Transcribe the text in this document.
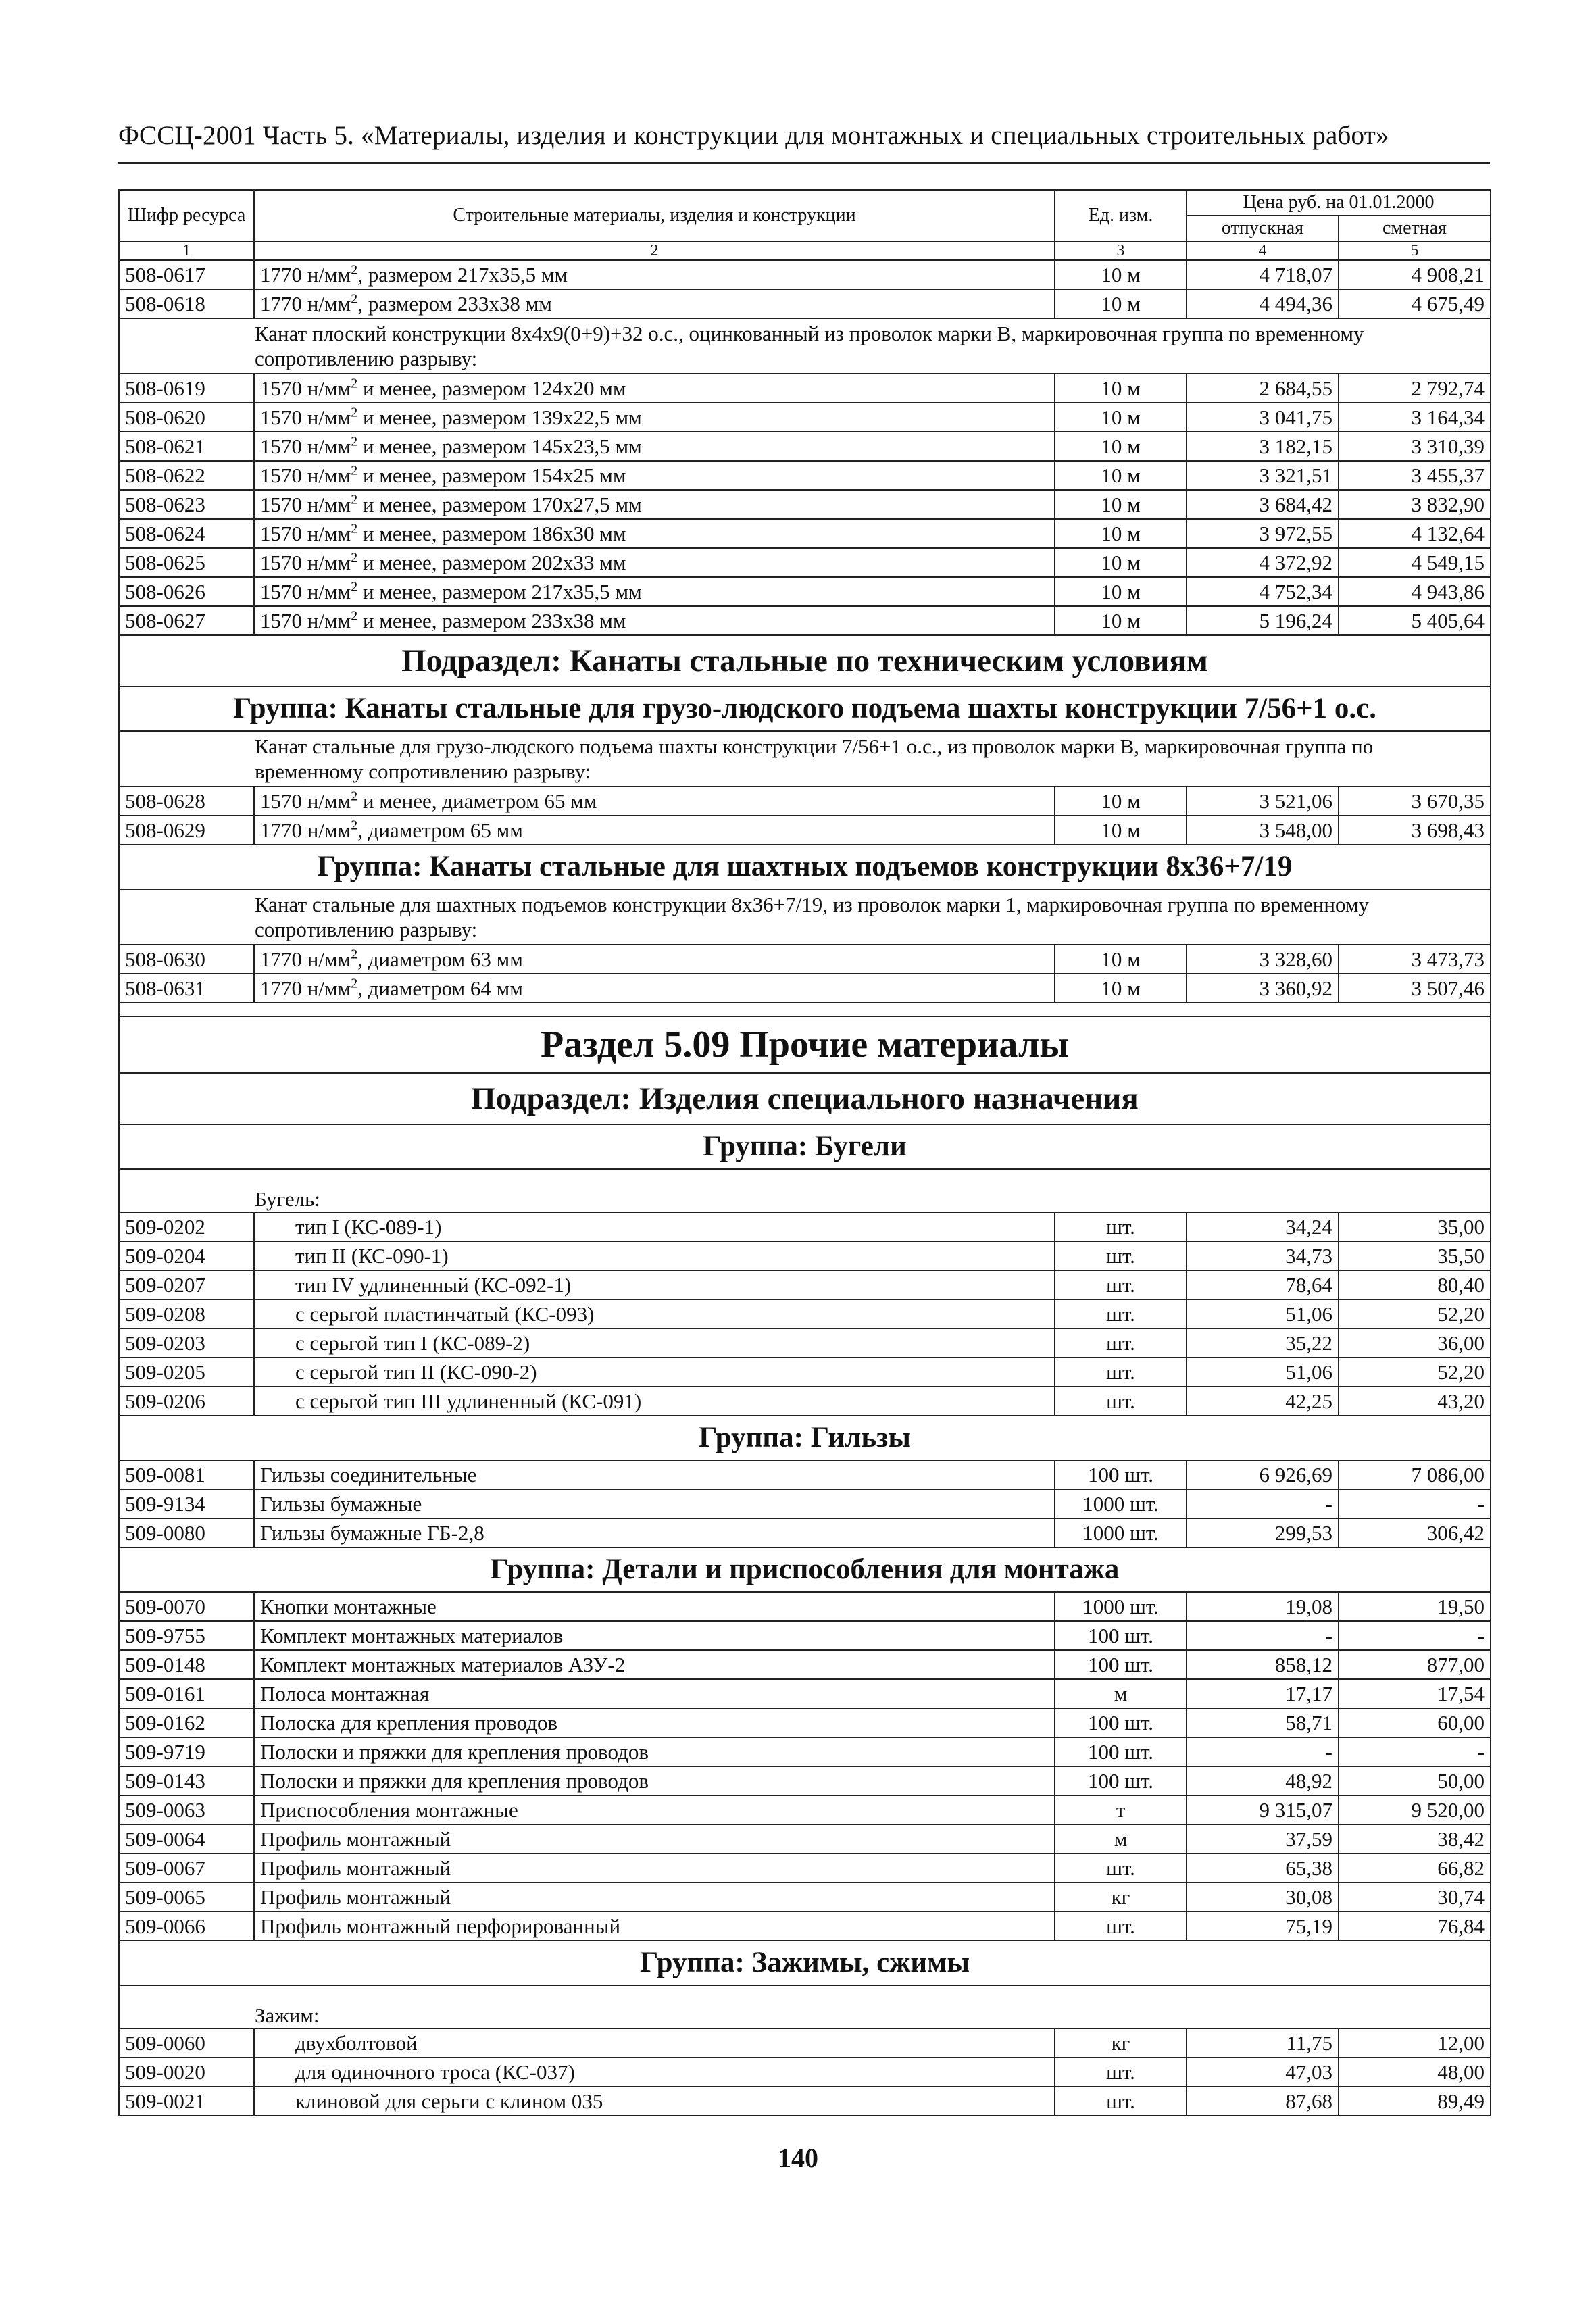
ФССЦ-2001 Часть 5. «Материалы, изделия и конструкции для монтажных и специальных строительных работ»
Шифр ресурса	Строительные материалы, изделия и конструкции	Ед. изм.	Цена руб. на 01.01.2000	
			отпускная	сметная
1	2	3	4	5
508-0617	1770 $н/мм^2$, размером 217х35,5 мм	10 м	4 718,07	4 908,21
508-0618	1770 $н/мм^2$, размером 233х38 мм	10 м	4 494,36	4 675,49
Канат плоский конструкции 8х4х9(0+9)+32 о.с., оцинкованный из проволок марки В, маркировочная группа по временному сопротивлению разрыву:				
508-0619	1570 $н/мм^2$ и менее, размером 124х20 мм	10 м	2 684,55	2 792,74
508-0620	1570 $н/мм^2$ и менее, размером 139х22,5 мм	10 м	3 041,75	3 164,34
508-0621	1570 $н/мм^2$ и менее, размером 145х23,5 мм	10 м	3 182,15	3 310,39
508-0622	1570 $н/мм^2$ и менее, размером 154х25 мм	10 м	3 321,51	3 455,37
508-0623	1570 $н/мм^2$ и менее, размером 170х27,5 мм	10 м	3 684,42	3 832,90
508-0624	1570 $н/мм^2$ и менее, размером 186х30 мм	10 м	3 972,55	4 132,64
508-0625	1570 $н/мм^2$ и менее, размером 202х33 мм	10 м	4 372,92	4 549,15
508-0626	1570 $н/мм^2$ и менее, размером 217х35,5 мм	10 м	4 752,34	4 943,86
508-0627	1570 $н/мм^2$ и менее, размером 233х38 мм	10 м	5 196,24	5 405,64
Подраздел: Канаты стальные по техническим условиям				
Группа: Канаты стальные для грузо-людского подъема шахты конструкции 7/56+1 о.с.				
Канат стальные для грузо-людского подъема шахты конструкции 7/56+1 о.с., из проволок марки В, маркировочная группа по временному сопротивлению разрыву:				
508-0628	1570 $н/мм^2$ и менее, диаметром 65 мм	10 м	3 521,06	3 670,35
508-0629	1770 $н/мм^2$, диаметром 65 мм	10 м	3 548,00	3 698,43
Группа: Канаты стальные для шахтных подъемов конструкции 8х36+7/19				
Канат стальные для шахтных подъемов конструкции 8х36+7/19, из проволок марки 1, маркировочная группа по временному сопротивлению разрыву:				
508-0630	1770 $н/мм^2$, диаметром 63 мм	10 м	3 328,60	3 473,73
508-0631	1770 $н/мм^2$, диаметром 64 мм	10 м	3 360,92	3 507,46

Раздел 5.09 Прочие материалы				
Подраздел: Изделия специального назначения				
Группа: Бугели				
Бугель:				
509-0202	тип I (КС-089-1)	шт.	34,24	35,00
509-0204	тип II (КС-090-1)	шт.	34,73	35,50
509-0207	тип IV удлиненный (КС-092-1)	шт.	78,64	80,40
509-0208	с серьгой пластинчатый (КС-093)	шт.	51,06	52,20
509-0203	с серьгой тип I (КС-089-2)	шт.	35,22	36,00
509-0205	с серьгой тип II (КС-090-2)	шт.	51,06	52,20
509-0206	с серьгой тип III удлиненный (КС-091)	шт.	42,25	43,20
Группа: Гильзы				
509-0081	Гильзы соединительные	100 шт.	6 926,69	7 086,00
509-9134	Гильзы бумажные	1000 шт.	-	-
509-0080	Гильзы бумажные ГБ-2,8	1000 шт.	299,53	306,42
Группа: Детали и приспособления для монтажа				
509-0070	Кнопки монтажные	1000 шт.	19,08	19,50
509-9755	Комплект монтажных материалов	100 шт.	-	-
509-0148	Комплект монтажных материалов АЗУ-2	100 шт.	858,12	877,00
509-0161	Полоса монтажная	м	17,17	17,54
509-0162	Полоска для крепления проводов	100 шт.	58,71	60,00
509-9719	Полоски и пряжки для крепления проводов	100 шт.	-	-
509-0143	Полоски и пряжки для крепления проводов	100 шт.	48,92	50,00
509-0063	Приспособления монтажные	т	9 315,07	9 520,00
509-0064	Профиль монтажный	м	37,59	38,42
509-0067	Профиль монтажный	шт.	65,38	66,82
509-0065	Профиль монтажный	кг	30,08	30,74
509-0066	Профиль монтажный перфорированный	шт.	75,19	76,84
Группа: Зажимы, сжимы				
Зажим:				
509-0060	двухболтовой	кг	11,75	12,00
509-0020	для одиночного троса (КС-037)	шт.	47,03	48,00
509-0021	клиновой для серьги с клином 035	шт.	87,68	89,49
140
